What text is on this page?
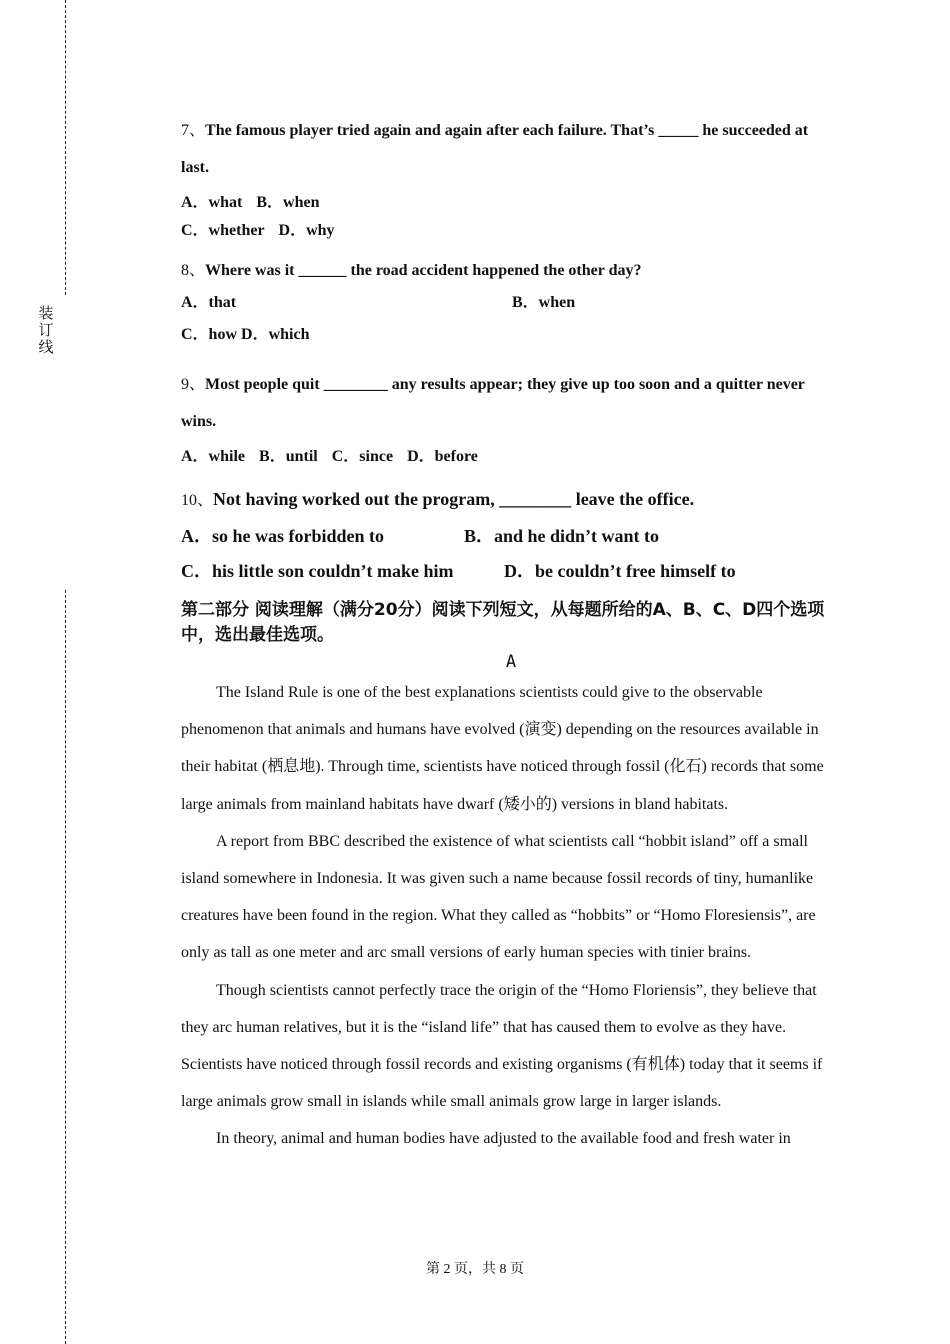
装
订
线
7、The famous player tried again and again after each failure. That’s _____ he succeeded at
last.
A．what B．when
C．whether D．why
8、Where was it ______ the road accident happened the other day?
A．that	B．when
C．how D．which
9、Most people quit ________ any results appear; they give up too soon and a quitter never
wins.
A．while B．until C．since D．before
10、Not having worked out the program, ________ leave the office.
A．so he was forbidden to	B．and he didn’t want to
C．his little son couldn’t make him	D．be couldn’t free himself to
第二部分 阅读理解（满分20分）阅读下列短文，从每题所给的A、B、C、D四个选项中，选出最佳选项。
A

The Island Rule is one of the best explanations scientists could give to the observable phenomenon that animals and humans have evolved (演变) depending on the resources available in their habitat (栖息地). Through time, scientists have noticed through fossil (化石) records that some large animals from mainland habitats have dwarf (矮小的) versions in bland habitats.

A report from BBC described the existence of what scientists call “hobbit island” off a small island somewhere in Indonesia. It was given such a name because fossil records of tiny, humanlike creatures have been found in the region. What they called as “hobbits” or “Homo Floresiensis”, are only as tall as one meter and arc small versions of early human species with tinier brains.

Though scientists cannot perfectly trace the origin of the “Homo Floriensis”, they believe that they arc human relatives, but it is the “island life” that has caused them to evolve as they have. Scientists have noticed through fossil records and existing organisms (有机体) today that it seems if large animals grow small in islands while small animals grow large in larger islands.

In theory, animal and human bodies have adjusted to the available food and fresh water in

第 2 页，共 8 页
